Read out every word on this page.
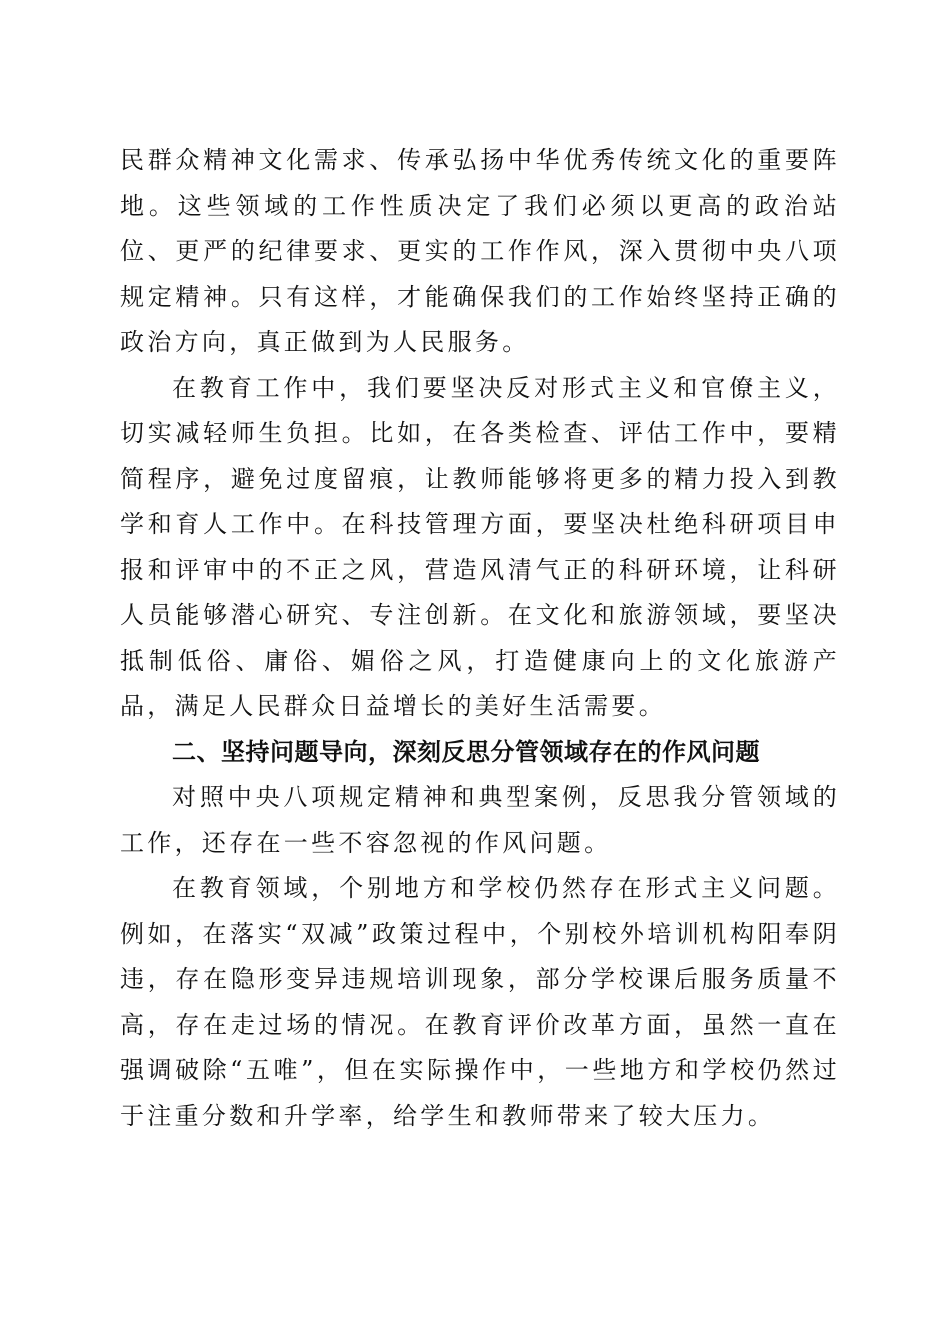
民群众精神文化需求、传承弘扬中华优秀传统文化的重要阵地。这些领域的工作性质决定了我们必须以更高的政治站位、更严的纪律要求、更实的工作作风，深入贯彻中央八项规定精神。只有这样，才能确保我们的工作始终坚持正确的政治方向，真正做到为人民服务。

在教育工作中，我们要坚决反对形式主义和官僚主义，切实减轻师生负担。比如，在各类检查、评估工作中，要精简程序，避免过度留痕，让教师能够将更多的精力投入到教学和育人工作中。在科技管理方面，要坚决杜绝科研项目申报和评审中的不正之风，营造风清气正的科研环境，让科研人员能够潜心研究、专注创新。在文化和旅游领域，要坚决抵制低俗、庸俗、媚俗之风，打造健康向上的文化旅游产品，满足人民群众日益增长的美好生活需要。

二、坚持问题导向，深刻反思分管领域存在的作风问题

对照中央八项规定精神和典型案例，反思我分管领域的工作，还存在一些不容忽视的作风问题。

在教育领域，个别地方和学校仍然存在形式主义问题。例如，在落实“双减”政策过程中，个别校外培训机构阳奉阴违，存在隐形变异违规培训现象，部分学校课后服务质量不高，存在走过场的情况。在教育评价改革方面，虽然一直在强调破除“五唯”，但在实际操作中，一些地方和学校仍然过于注重分数和升学率，给学生和教师带来了较大压力。
